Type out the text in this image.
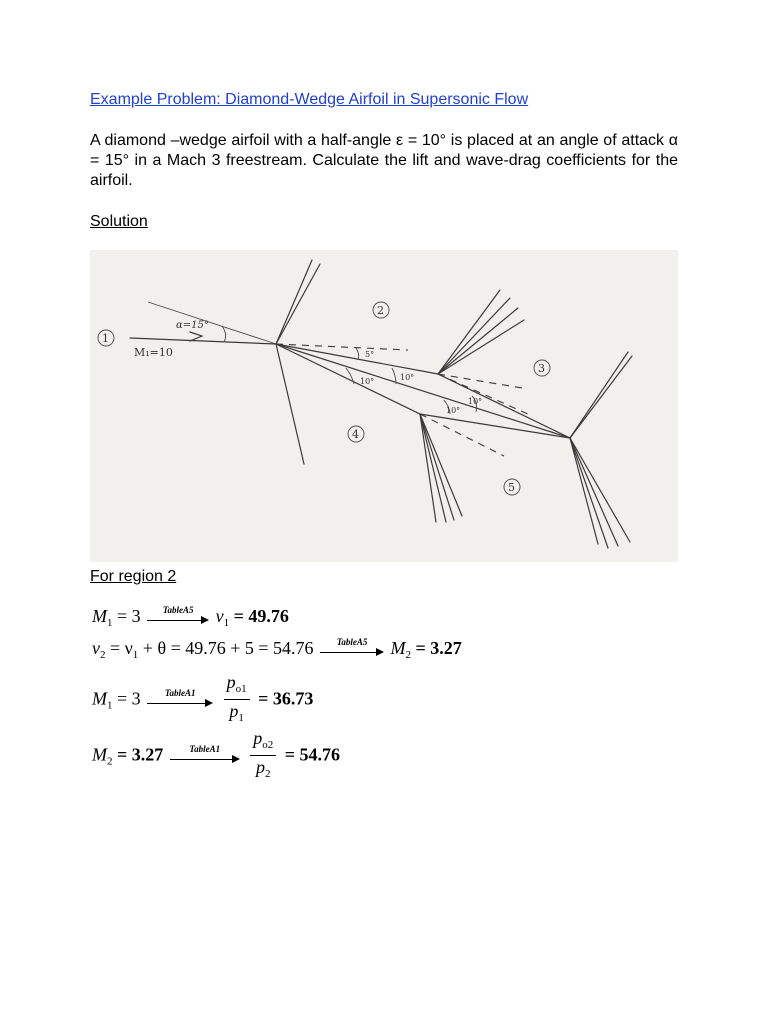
Example Problem: Diamond-Wedge Airfoil in Supersonic Flow
A diamond –wedge airfoil with a half-angle ε = 10° is placed at an angle of attack α = 15° in a Mach 3 freestream. Calculate the lift and wave-drag coefficients for the airfoil.
Solution
1
2
3
4
5
α=15°
M₁=10	5°
10°	10°
10°
10°
For region 2
$M_1 = 3$	TableA5	$\nu_1 = 49.76$
$\nu_2 = \nu_1 + \theta = 49.76 + 5 = 54.76$	TableA5	$M_2 = 3.27$
$M_1 = 3$	TableA1
	$\frac{p_{o1}}{p_1} = 36.73$
$M_2 = 3.27$	TableA1
	$\frac{p_{o2}}{p_2} = 54.76$
